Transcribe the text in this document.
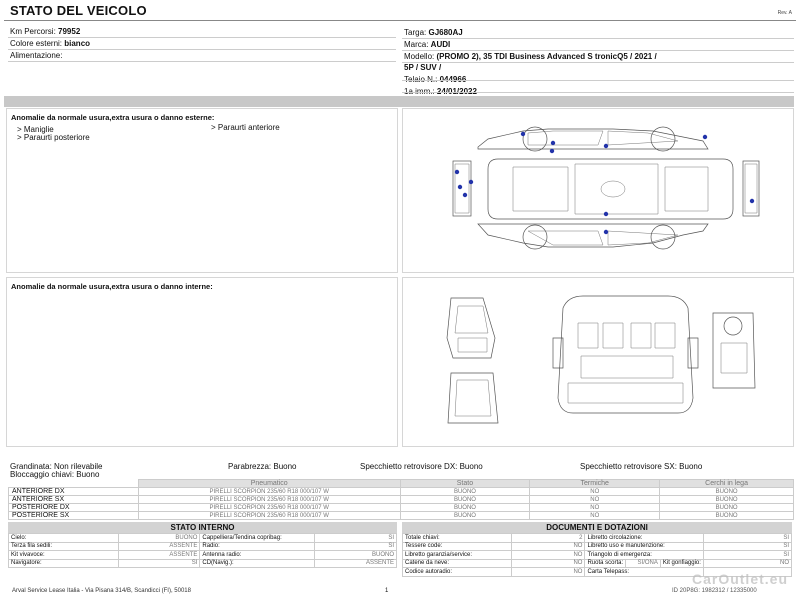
STATO DEL VEICOLO	Rev. A
Km Percorsi: 79952
Colore esterni: bianco
Alimentazione:
Targa: GJ680AJ
Marca: AUDI
Modello: (PROMO 2), 35 TDI Business Advanced S tronicQ5 / 2021 /
5P / SUV /
Anomalie da normale usura,extra usura o danno esterne:
> Maniglie
> Paraurti posteriore
> Paraurti anteriore
Anomalie da normale usura,extra usura o danno interne:
Grandinata: Non rilevabile	Parabrezza: Buono	Specchietto retrovisore DX: Buono	Specchietto retrovisore SX: Buono
Bloccaggio chiavi: Buono
	Pneumatico	Stato	Termiche	Cerchi in lega
ANTERIORE DX	PIRELLI SCORPION 235/60 R18 000/107 W	BUONO	NO	BUONO
ANTERIORE SX	PIRELLI SCORPION 235/60 R18 000/107 W	BUONO	NO	BUONO
POSTERIORE DX	PIRELLI SCORPION 235/60 R18 000/107 W	BUONO	NO	BUONO
POSTERIORE SX	PIRELLI SCORPION 235/60 R18 000/107 W	BUONO	NO	BUONO
STATO INTERNO
Cielo:	BUONO	Cappelliera/Tendina copribag:	SI
Terza fila sedili:	ASSENTE	Radio:	SI
Kit vivavoce:	ASSENTE	Antenna radio:	BUONO
Navigatore:	SI	CD(Navig.):	ASSENTE
DOCUMENTI E DOTAZIONI
Totale chiavi:	2	Libretto circolazione:			SI
Tessere code:	NO	Libretto uso e manutenzione:			SI
Libretto garanzia/service:	NO	Triangolo di emergenza:			SI
Catene da neve:	NO	Ruota scorta:	SI/ONA	Kit gonfiaggio:	NO
Codice autoradio:	NO	Carta Telepass:			
Arval Service Lease Italia - Via Pisana 314/B, Scandicci (FI), 50018	1	ID 20P8G: 1982312 / 12335000
CarOutlet.eu
